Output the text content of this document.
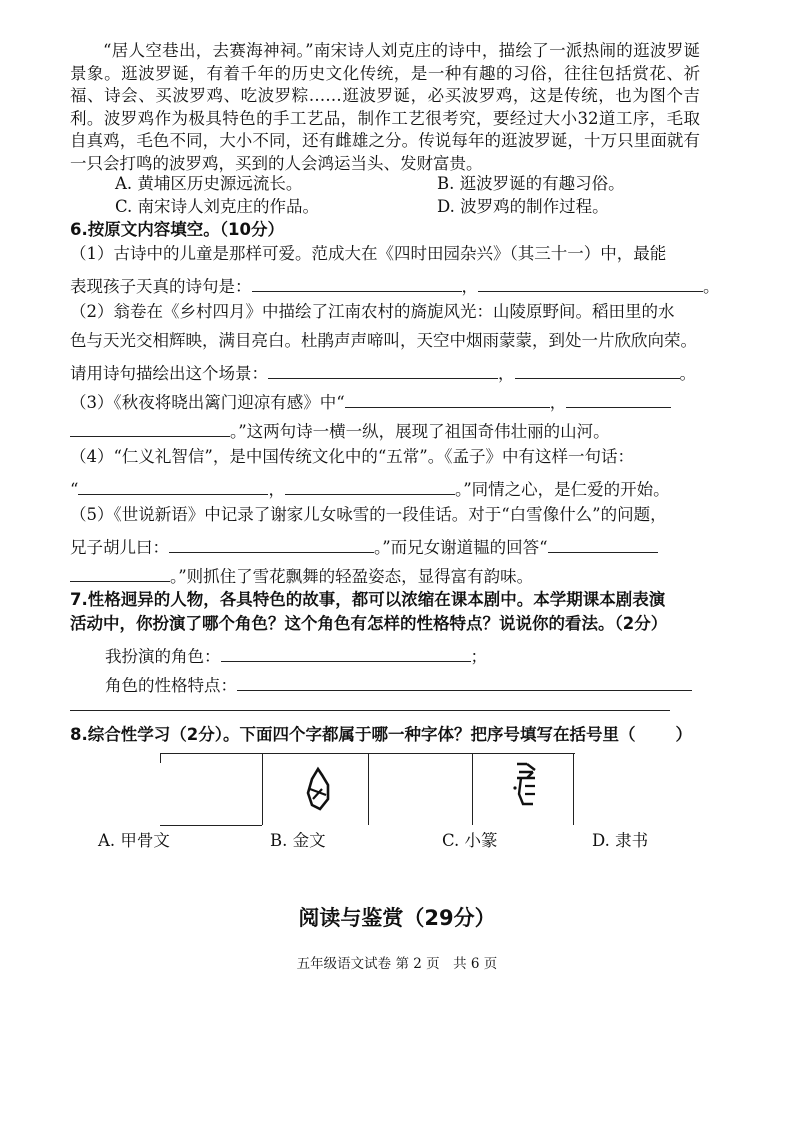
“居人空巷出，去赛海神祠。”南宋诗人刘克庄的诗中，描绘了一派热闹的逛波罗诞景象。逛波罗诞，有着千年的历史文化传统，是一种有趣的习俗，往往包括赏花、祈福、诗会、买波罗鸡、吃波罗粽……逛波罗诞，必买波罗鸡，这是传统，也为图个吉利。波罗鸡作为极具特色的手工艺品，制作工艺很考究，要经过大小32道工序，毛取自真鸡，毛色不同，大小不同，还有雌雄之分。传说每年的逛波罗诞，十万只里面就有一只会打鸣的波罗鸡，买到的人会鸿运当头、发财富贵。
A. 黄埔区历史源远流长。	B. 逛波罗诞的有趣习俗。
C. 南宋诗人刘克庄的作品。	D. 波罗鸡的制作过程。
6.按原文内容填空。（10分）
（1）古诗中的儿童是那样可爱。范成大在《四时田园杂兴》（其三十一）中，最能
表现孩子天真的诗句是：	，	。
（2）翁卷在《乡村四月》中描绘了江南农村的旖旎风光：山陵原野间。稻田里的水
色与天光交相辉映，满目亮白。杜鹃声声啼叫，天空中烟雨蒙蒙，到处一片欣欣向荣。
请用诗句描绘出这个场景：	，	。
（3）《秋夜将晓出篱门迎凉有感》中“	，
。”这两句诗一横一纵，展现了祖国奇伟壮丽的山河。
（4）“仁义礼智信”，是中国传统文化中的“五常”。《孟子》中有这样一句话：
“	，	。”同情之心，是仁爱的开始。
（5）《世说新语》中记录了谢家儿女咏雪的一段佳话。对于“白雪像什么”的问题，
兄子胡儿曰：	。”而兄女谢道韫的回答“
。”则抓住了雪花飘舞的轻盈姿态，显得富有韵味。
7.性格迥异的人物，各具特色的故事，都可以浓缩在课本剧中。本学期课本剧表演
活动中，你扮演了哪个角色？这个角色有怎样的性格特点？说说你的看法。（2分）
我扮演的角色：	；
角色的性格特点：
8.综合性学习（2分）。下面四个字都属于哪一种字体？把序号填写在括号里（ ）
A. 甲骨文	B. 金文	C. 小篆	D. 隶书
阅读与鉴赏（29分）
五年级语文试卷 第 2 页　共 6 页
